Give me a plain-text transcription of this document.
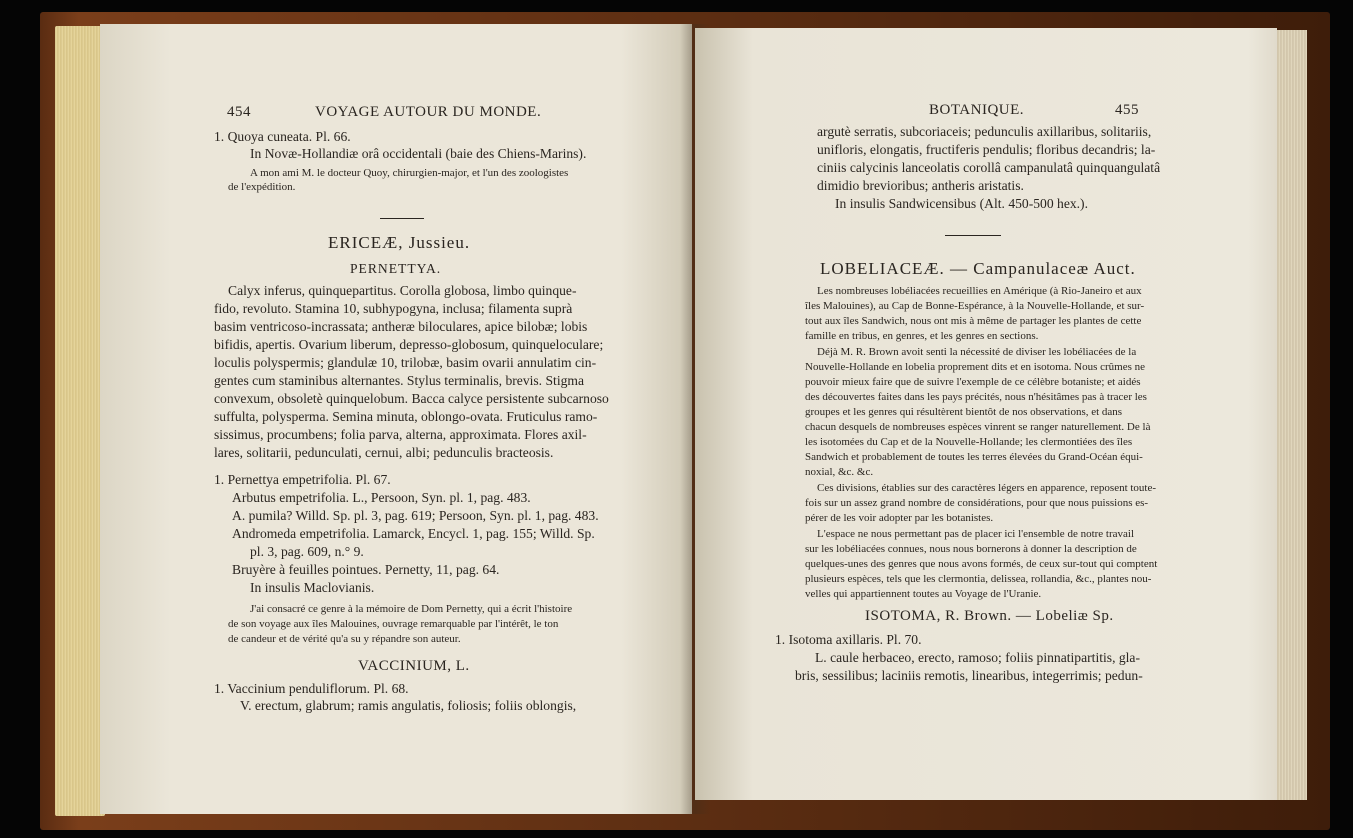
454	VOYAGE AUTOUR DU MONDE.
1. Quoya cuneata. Pl. 66.
In Novæ-Hollandiæ orâ occidentali (baie des Chiens-Marins).
A mon ami M. le docteur Quoy, chirurgien-major, et l'un des zoologistes
de l'expédition.
ERICEÆ, Jussieu.
PERNETTYA.
Calyx inferus, quinquepartitus. Corolla globosa, limbo quinque-
fido, revoluto. Stamina 10, subhypogyna, inclusa; filamenta suprà
basim ventricoso-incrassata; antheræ biloculares, apice bilobæ; lobis
bifidis, apertis. Ovarium liberum, depresso-globosum, quinqueloculare;
loculis polyspermis; glandulæ 10, trilobæ, basim ovarii annulatim cin-
gentes cum staminibus alternantes. Stylus terminalis, brevis. Stigma
convexum, obsoletè quinquelobum. Bacca calyce persistente subcarnoso
suffulta, polysperma. Semina minuta, oblongo-ovata. Fruticulus ramo-
sissimus, procumbens; folia parva, alterna, approximata. Flores axil-
lares, solitarii, pedunculati, cernui, albi; pedunculis bracteosis.
1. Pernettya empetrifolia. Pl. 67.
Arbutus empetrifolia. L., Persoon, Syn. pl. 1, pag. 483.
A. pumila? Willd. Sp. pl. 3, pag. 619; Persoon, Syn. pl. 1, pag. 483.
Andromeda empetrifolia. Lamarck, Encycl. 1, pag. 155; Willd. Sp.
pl. 3, pag. 609, n.° 9.
Bruyère à feuilles pointues. Pernetty, 11, pag. 64.
In insulis Maclovianis.
J'ai consacré ce genre à la mémoire de Dom Pernetty, qui a écrit l'histoire
de son voyage aux îles Malouines, ouvrage remarquable par l'intérêt, le ton
de candeur et de vérité qu'a su y répandre son auteur.
VACCINIUM, L.
1. Vaccinium penduliflorum. Pl. 68.
V. erectum, glabrum; ramis angulatis, foliosis; foliis oblongis,
BOTANIQUE.	455
argutè serratis, subcoriaceis; pedunculis axillaribus, solitariis,
unifloris, elongatis, fructiferis pendulis; floribus decandris; la-
ciniis calycinis lanceolatis corollâ campanulatâ quinquangulatâ
dimidio brevioribus; antheris aristatis.
In insulis Sandwicensibus (Alt. 450-500 hex.).
LOBELIACEÆ. — Campanulaceæ Auct.
Les nombreuses lobéliacées recueillies en Amérique (à Rio-Janeiro et aux
îles Malouines), au Cap de Bonne-Espérance, à la Nouvelle-Hollande, et sur-
tout aux îles Sandwich, nous ont mis à même de partager les plantes de cette
famille en tribus, en genres, et les genres en sections.
Déjà M. R. Brown avoit senti la nécessité de diviser les lobéliacées de la
Nouvelle-Hollande en lobelia proprement dits et en isotoma. Nous crûmes ne
pouvoir mieux faire que de suivre l'exemple de ce célèbre botaniste; et aidés
des découvertes faites dans les pays précités, nous n'hésitâmes pas à tracer les
groupes et les genres qui résultèrent bientôt de nos observations, et dans
chacun desquels de nombreuses espèces vinrent se ranger naturellement. De là
les isotomées du Cap et de la Nouvelle-Hollande; les clermontiées des îles
Sandwich et probablement de toutes les terres élevées du Grand-Océan équi-
noxial, &c. &c.
Ces divisions, établies sur des caractères légers en apparence, reposent toute-
fois sur un assez grand nombre de considérations, pour que nous puissions es-
pérer de les voir adopter par les botanistes.
L'espace ne nous permettant pas de placer ici l'ensemble de notre travail
sur les lobéliacées connues, nous nous bornerons à donner la description de
quelques-unes des genres que nous avons formés, de ceux sur-tout qui comptent
plusieurs espèces, tels que les clermontia, delissea, rollandia, &c., plantes nou-
velles qui appartiennent toutes au Voyage de l'Uranie.
ISOTOMA, R. Brown. — Lobeliæ Sp.
1. Isotoma axillaris. Pl. 70.
L. caule herbaceo, erecto, ramoso; foliis pinnatipartitis, gla-
bris, sessilibus; laciniis remotis, linearibus, integerrimis; pedun-
